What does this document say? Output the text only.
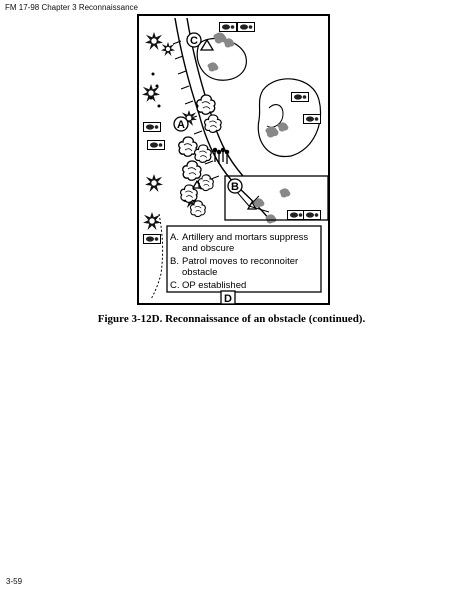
FM 17-98 Chapter 3 Reconnaissance
A
B
C
A. Artillery and mortars suppress
and obscure
B. Patrol moves to reconnoiter
obstacle
C. OP established
D
Figure 3-12D. Reconnaissance of an obstacle (continued).
3-59
